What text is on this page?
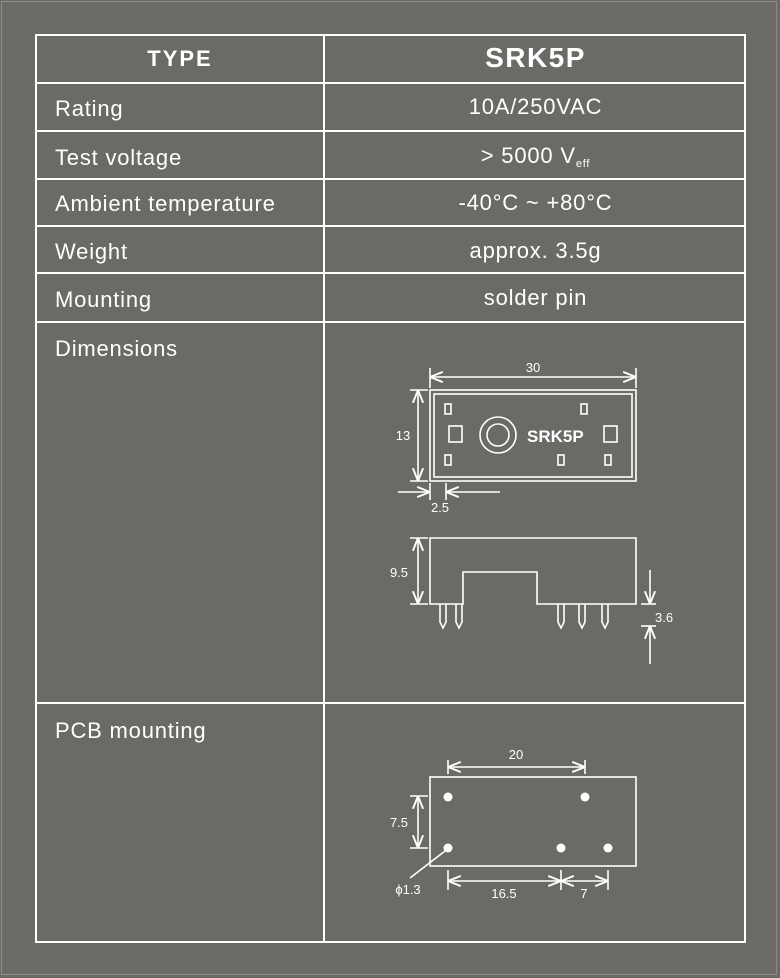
TYPE	SRK5P
Rating	10A/250VAC
Test voltage	> 5000 $V_{eff}$
Ambient temperature	-40°C ~ +80°C
Weight	approx. 3.5g
Mounting	solder pin
Dimensions
PCB mounting
30
13	SRK5P
2.5
9.5
3.6
20
7.5
ϕ1.3	16.5	7
